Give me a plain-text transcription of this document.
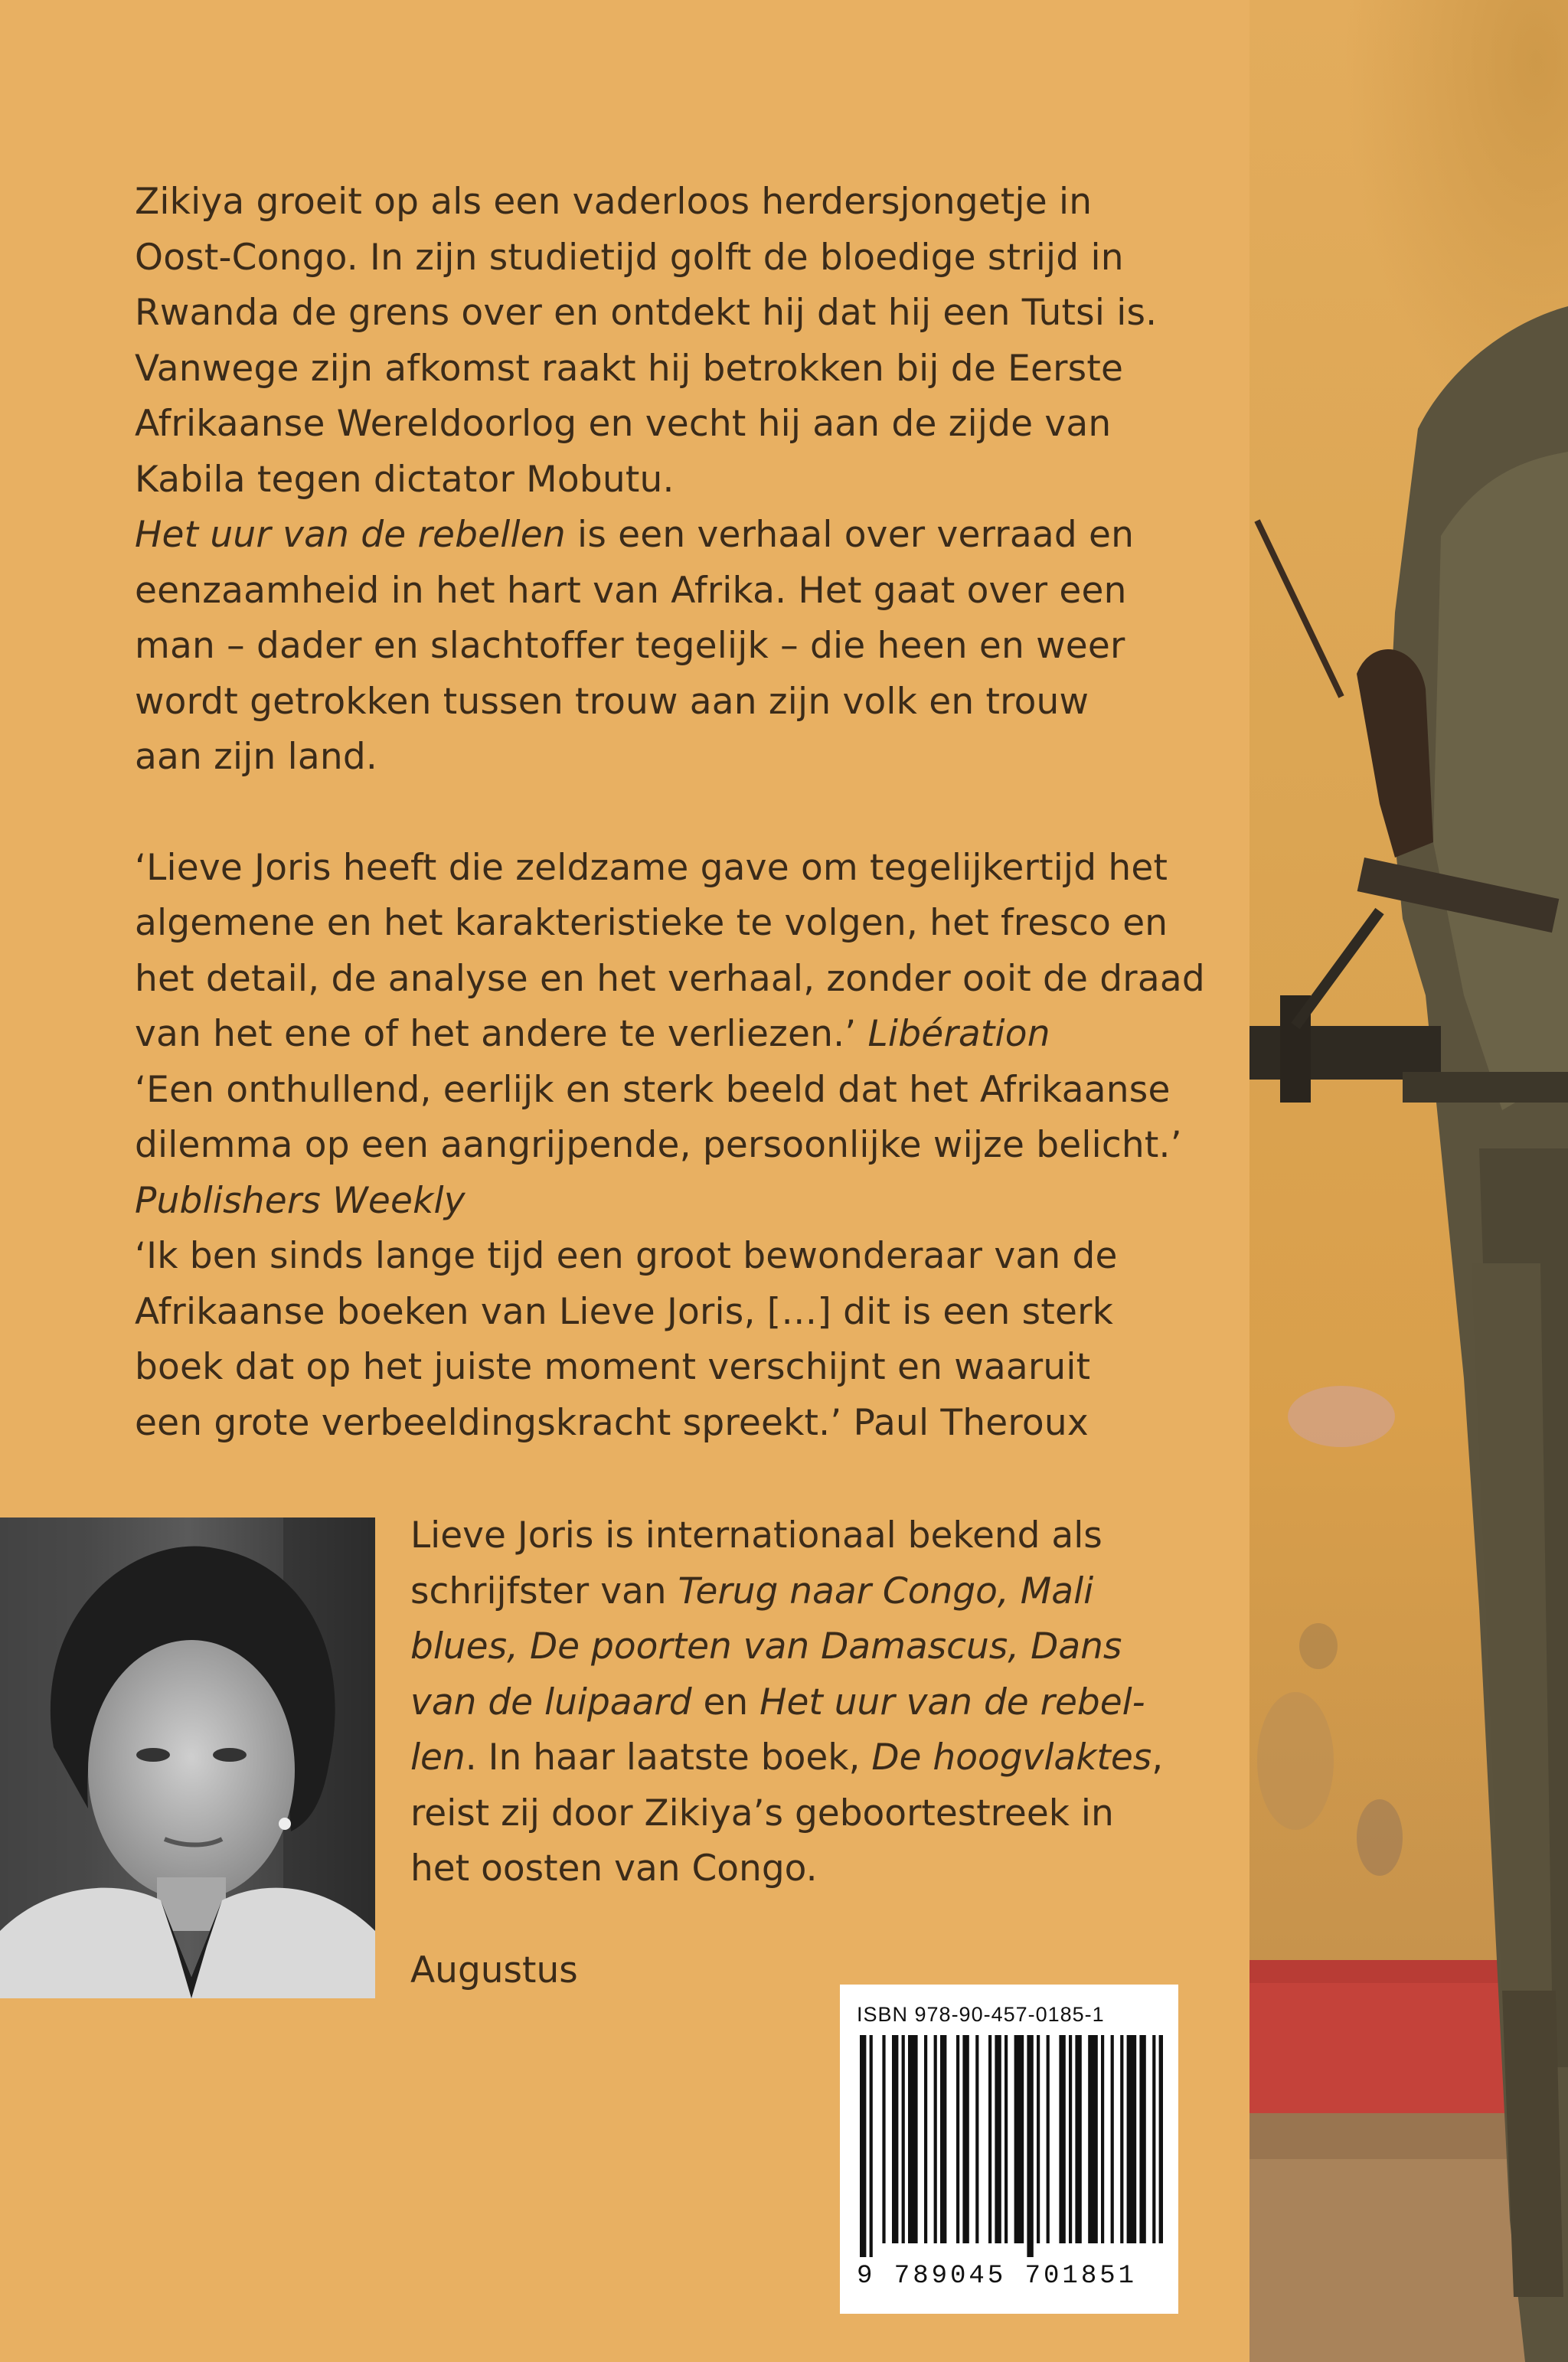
Zikiya groeit op als een vaderloos herdersjongetje in
Oost-Congo. In zijn studietijd golft de bloedige strijd in
Rwanda de grens over en ontdekt hij dat hij een Tutsi is.
Vanwege zijn afkomst raakt hij betrokken bij de Eerste
Afrikaanse Wereldoorlog en vecht hij aan de zijde van
Kabila tegen dictator Mobutu.
Het uur van de rebellen is een verhaal over verraad en
eenzaamheid in het hart van Afrika. Het gaat over een
man – dader en slachtoffer tegelijk – die heen en weer
wordt getrokken tussen trouw aan zijn volk en trouw
aan zijn land.

‘Lieve Joris heeft die zeldzame gave om tegelijkertijd het
algemene en het karakteristieke te volgen, het fresco en
het detail, de analyse en het verhaal, zonder ooit de draad
van het ene of het andere te verliezen.’ Libération
‘Een onthullend, eerlijk en sterk beeld dat het Afrikaanse
dilemma op een aangrijpende, persoonlijke wijze belicht.’
Publishers Weekly
‘Ik ben sinds lange tijd een groot bewonderaar van de
Afrikaanse boeken van Lieve Joris, […] dit is een sterk
boek dat op het juiste moment verschijnt en waaruit
een grote verbeeldingskracht spreekt.’ Paul Theroux

Lieve Joris is internationaal bekend als
schrijfster van Terug naar Congo, Mali
blues, De poorten van Damascus, Dans
van de luipaard en Het uur van de rebel-
len. In haar laatste boek, De hoogvlaktes,
reist zij door Zikiya’s geboortestreek in
het oosten van Congo.

Augustus
ISBN 978-90-457-0185-1
9 789045 701851
